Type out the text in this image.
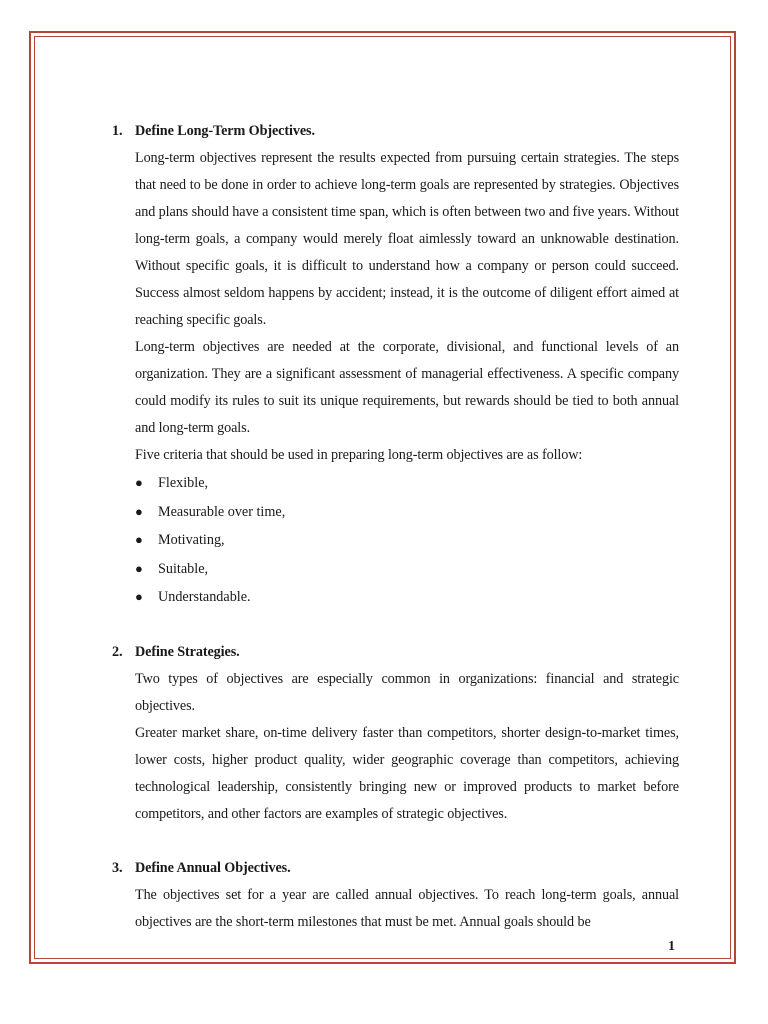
1. Define Long-Term Objectives.

Long-term objectives represent the results expected from pursuing certain strategies. The steps that need to be done in order to achieve long-term goals are represented by strategies. Objectives and plans should have a consistent time span, which is often between two and five years. Without long-term goals, a company would merely float aimlessly toward an unknowable destination. Without specific goals, it is difficult to understand how a company or person could succeed. Success almost seldom happens by accident; instead, it is the outcome of diligent effort aimed at reaching specific goals.

Long-term objectives are needed at the corporate, divisional, and functional levels of an organization. They are a significant assessment of managerial effectiveness. A specific company could modify its rules to suit its unique requirements, but rewards should be tied to both annual and long-term goals.

Five criteria that should be used in preparing long-term objectives are as follow:

● Flexible,
● Measurable over time,
● Motivating,
● Suitable,
● Understandable.
2. Define Strategies.

Two types of objectives are especially common in organizations: financial and strategic objectives.

Greater market share, on-time delivery faster than competitors, shorter design-to-market times, lower costs, higher product quality, wider geographic coverage than competitors, achieving technological leadership, consistently bringing new or improved products to market before competitors, and other factors are examples of strategic objectives.

3. Define Annual Objectives.

The objectives set for a year are called annual objectives. To reach long-term goals, annual objectives are the short-term milestones that must be met. Annual goals should be

1
